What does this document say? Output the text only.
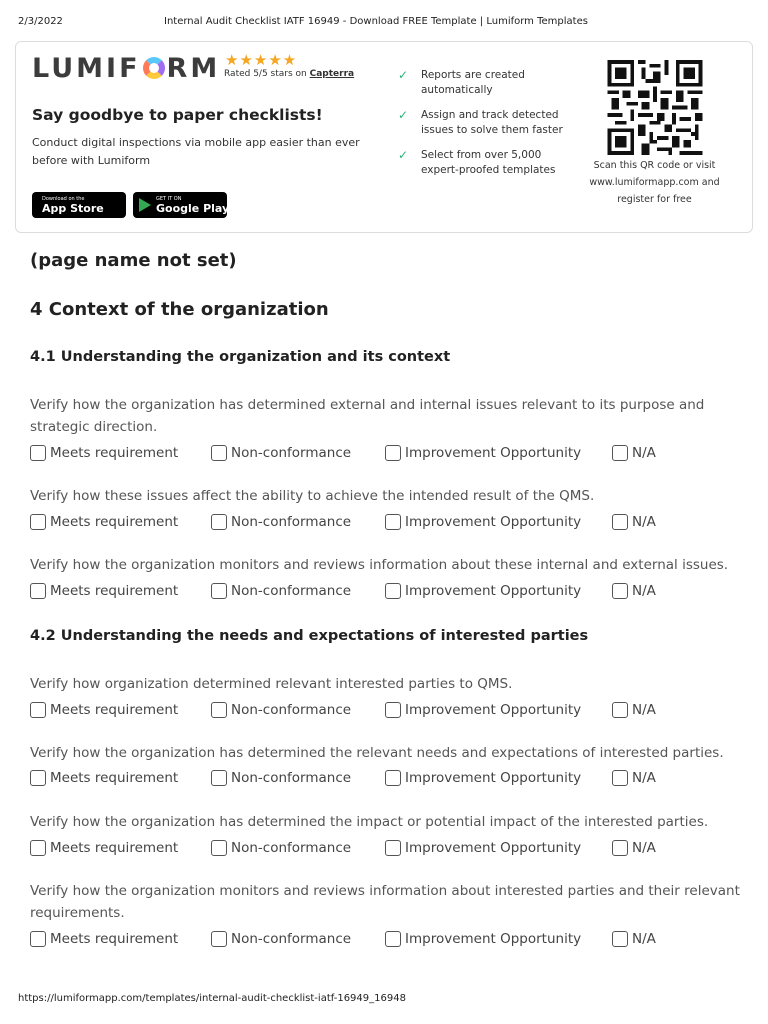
2/3/2022	Internal Audit Checklist IATF 16949 - Download FREE Template | Lumiform Templates
LUMIF RM ★★★★★
Rated 5/5 stars on Capterra
Say goodbye to paper checklists!
Conduct digital inspections via mobile app easier than ever before with Lumiform
Download on the
App Store
GET IT ON
Google Play
✓ Reports are created automatically
✓ Assign and track detected issues to solve them faster
✓ Select from over 5,000 expert-proofed templates	Scan this QR code or visit www.lumiformapp.com and register for free
(page name not set)
4 Context of the organization
4.1 Understanding the organization and its context
Verify how the organization has determined external and internal issues relevant to its purpose and strategic direction.
Meets requirement	Non-conformance	Improvement Opportunity	N/A
Verify how these issues affect the ability to achieve the intended result of the QMS.
Meets requirement	Non-conformance	Improvement Opportunity	N/A
Verify how the organization monitors and reviews information about these internal and external issues.
Meets requirement	Non-conformance	Improvement Opportunity	N/A
4.2 Understanding the needs and expectations of interested parties
Verify how organization determined relevant interested parties to QMS.
Meets requirement	Non-conformance	Improvement Opportunity	N/A
Verify how the organization has determined the relevant needs and expectations of interested parties.
Meets requirement	Non-conformance	Improvement Opportunity	N/A
Verify how the organization has determined the impact or potential impact of the interested parties.
Meets requirement	Non-conformance	Improvement Opportunity	N/A
Verify how the organization monitors and reviews information about interested parties and their relevant requirements.
Meets requirement	Non-conformance	Improvement Opportunity	N/A
https://lumiformapp.com/templates/internal-audit-checklist-iatf-16949_16948
